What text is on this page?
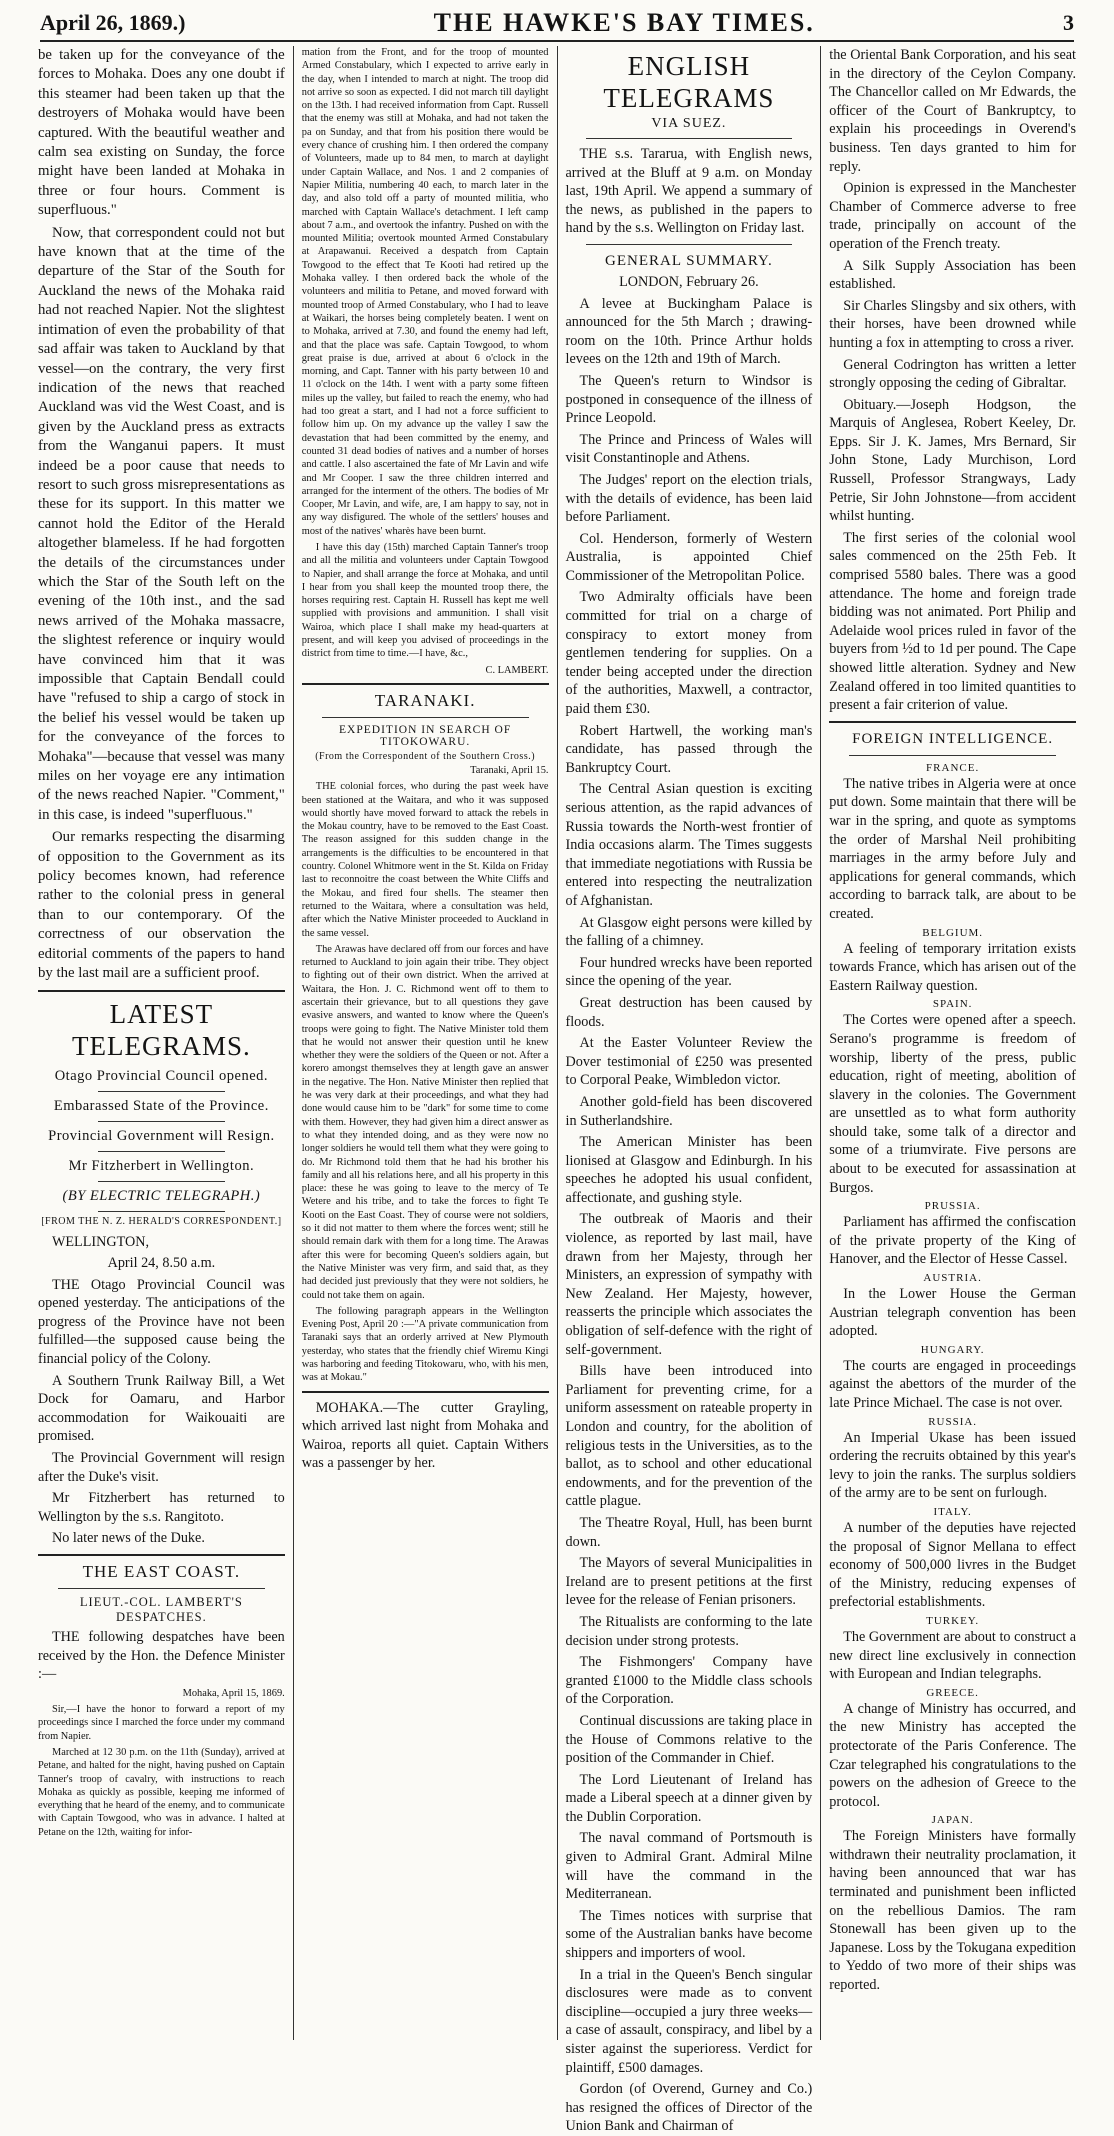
April 26, 1869.)	THE HAWKE'S BAY TIMES.	3

be taken up for the conveyance of the forces to Mohaka. Does any one doubt if this steamer had been taken up that the destroyers of Mohaka would have been captured. With the beautiful weather and calm sea existing on Sunday, the force might have been landed at Mohaka in three or four hours. Comment is superfluous."

Now, that correspondent could not but have known that at the time of the departure of the Star of the South for Auckland the news of the Mohaka raid had not reached Napier. Not the slightest intimation of even the probability of that sad affair was taken to Auckland by that vessel—on the contrary, the very first indication of the news that reached Auckland was vid the West Coast, and is given by the Auckland press as extracts from the Wanganui papers. It must indeed be a poor cause that needs to resort to such gross misrepresentations as these for its support. In this matter we cannot hold the Editor of the Herald altogether blameless. If he had forgotten the details of the circumstances under which the Star of the South left on the evening of the 10th inst., and the sad news arrived of the Mohaka massacre, the slightest reference or inquiry would have convinced him that it was impossible that Captain Bendall could have "refused to ship a cargo of stock in the belief his vessel would be taken up for the conveyance of the forces to Mohaka"—because that vessel was many miles on her voyage ere any intimation of the news reached Napier. "Comment," in this case, is indeed "superfluous."

Our remarks respecting the disarming of opposition to the Government as its policy becomes known, had reference rather to the colonial press in general than to our contemporary. Of the correctness of our observation the editorial comments of the papers to hand by the last mail are a sufficient proof.

LATEST TELEGRAMS.
Otago Provincial Council opened.
Embarassed State of the Province.
Provincial Government will Resign.
Mr Fitzherbert in Wellington.
(BY ELECTRIC TELEGRAPH.)
[FROM THE N. Z. HERALD'S CORRESPONDENT.]

WELLINGTON,

April 24, 8.50 a.m.

THE Otago Provincial Council was opened yesterday. The anticipations of the progress of the Province have not been fulfilled—the supposed cause being the financial policy of the Colony.

A Southern Trunk Railway Bill, a Wet Dock for Oamaru, and Harbor accommodation for Waikouaiti are promised.

The Provincial Government will resign after the Duke's visit.

Mr Fitzherbert has returned to Wellington by the s.s. Rangitoto.

No later news of the Duke.

THE EAST COAST.
LIEUT.-COL. LAMBERT'S DESPATCHES.

THE following despatches have been received by the Hon. the Defence Minister :—

Mohaka, April 15, 1869.

Sir,—I have the honor to forward a report of my proceedings since I marched the force under my command from Napier.

Marched at 12 30 p.m. on the 11th (Sunday), arrived at Petane, and halted for the night, having pushed on Captain Tanner's troop of cavalry, with instructions to reach Mohaka as quickly as possible, keeping me informed of everything that he heard of the enemy, and to communicate with Captain Towgood, who was in advance. I halted at Petane on the 12th, waiting for infor-

mation from the Front, and for the troop of mounted Armed Constabulary, which I expected to arrive early in the day, when I intended to march at night. The troop did not arrive so soon as expected. I did not march till daylight on the 13th. I had received information from Capt. Russell that the enemy was still at Mohaka, and had not taken the pa on Sunday, and that from his position there would be every chance of crushing him. I then ordered the company of Volunteers, made up to 84 men, to march at daylight under Captain Wallace, and Nos. 1 and 2 companies of Napier Militia, numbering 40 each, to march later in the day, and also told off a party of mounted militia, who marched with Captain Wallace's detachment. I left camp about 7 a.m., and overtook the infantry. Pushed on with the mounted Militia; overtook mounted Armed Constabulary at Arapawanui. Received a despatch from Captain Towgood to the effect that Te Kooti had retired up the Mohaka valley. I then ordered back the whole of the volunteers and militia to Petane, and moved forward with mounted troop of Armed Constabulary, who I had to leave at Waikari, the horses being completely beaten. I went on to Mohaka, arrived at 7.30, and found the enemy had left, and that the place was safe. Captain Towgood, to whom great praise is due, arrived at about 6 o'clock in the morning, and Capt. Tanner with his party between 10 and 11 o'clock on the 14th. I went with a party some fifteen miles up the valley, but failed to reach the enemy, who had had too great a start, and I had not a force sufficient to follow him up. On my advance up the valley I saw the devastation that had been committed by the enemy, and counted 31 dead bodies of natives and a number of horses and cattle. I also ascertained the fate of Mr Lavin and wife and Mr Cooper. I saw the three children interred and arranged for the interment of the others. The bodies of Mr Cooper, Mr Lavin, and wife, are, I am happy to say, not in any way disfigured. The whole of the settlers' houses and most of the natives' wharès have been burnt.

I have this day (15th) marched Captain Tanner's troop and all the militia and volunteers under Captain Towgood to Napier, and shall arrange the force at Mohaka, and until I hear from you shall keep the mounted troop there, the horses requiring rest. Captain H. Russell has kept me well supplied with provisions and ammunition. I shall visit Wairoa, which place I shall make my head-quarters at present, and will keep you advised of proceedings in the district from time to time.—I have, &c.,

C. LAMBERT.

TARANAKI.
EXPEDITION IN SEARCH OF TITOKOWARU.
(From the Correspondent of the Southern Cross.)

Taranaki, April 15.

THE colonial forces, who during the past week have been stationed at the Waitara, and who it was supposed would shortly have moved forward to attack the rebels in the Mokau country, have to be removed to the East Coast. The reason assigned for this sudden change in the arrangements is the difficulties to be encountered in that country. Colonel Whitmore went in the St. Kilda on Friday last to reconnoitre the coast between the White Cliffs and the Mokau, and fired four shells. The steamer then returned to the Waitara, where a consultation was held, after which the Native Minister proceeded to Auckland in the same vessel.

The Arawas have declared off from our forces and have returned to Auckland to join again their tribe. They object to fighting out of their own district. When the arrived at Waitara, the Hon. J. C. Richmond went off to them to ascertain their grievance, but to all questions they gave evasive answers, and wanted to know where the Queen's troops were going to fight. The Native Minister told them that he would not answer their question until he knew whether they were the soldiers of the Queen or not. After a korero amongst themselves they at length gave an answer in the negative. The Hon. Native Minister then replied that he was very dark at their proceedings, and what they had done would cause him to be "dark" for some time to come with them. However, they had given him a direct answer as to what they intended doing, and as they were now no longer soldiers he would tell them what they were going to do. Mr Richmond told them that he had his brother his family and all his relations here, and all his property in this place: these he was going to leave to the mercy of Te Wetere and his tribe, and to take the forces to fight Te Kooti on the East Coast. They of course were not soldiers, so it did not matter to them where the forces went; still he should remain dark with them for a long time. The Arawas after this were for becoming Queen's soldiers again, but the Native Minister was very firm, and said that, as they had decided just previously that they were not soldiers, he could not take them on again.

The following paragraph appears in the Wellington Evening Post, April 20 :—"A private communication from Taranaki says that an orderly arrived at New Plymouth yesterday, who states that the friendly chief Wiremu Kingi was harboring and feeding Titokowaru, who, with his men, was at Mokau."

MOHAKA.—The cutter Grayling, which arrived last night from Mohaka and Wairoa, reports all quiet. Captain Withers was a passenger by her.

ENGLISH TELEGRAMS
VIA SUEZ.

THE s.s. Tararua, with English news, arrived at the Bluff at 9 a.m. on Monday last, 19th April. We append a summary of the news, as published in the papers to hand by the s.s. Wellington on Friday last.

GENERAL SUMMARY.

LONDON, February 26.

A levee at Buckingham Palace is announced for the 5th March ; drawing-room on the 10th. Prince Arthur holds levees on the 12th and 19th of March.

The Queen's return to Windsor is postponed in consequence of the illness of Prince Leopold.

The Prince and Princess of Wales will visit Constantinople and Athens.

The Judges' report on the election trials, with the details of evidence, has been laid before Parliament.

Col. Henderson, formerly of Western Australia, is appointed Chief Commissioner of the Metropolitan Police.

Two Admiralty officials have been committed for trial on a charge of conspiracy to extort money from gentlemen tendering for supplies. On a tender being accepted under the direction of the authorities, Maxwell, a contractor, paid them £30.

Robert Hartwell, the working man's candidate, has passed through the Bankruptcy Court.

The Central Asian question is exciting serious attention, as the rapid advances of Russia towards the North-west frontier of India occasions alarm. The Times suggests that immediate negotiations with Russia be entered into respecting the neutralization of Afghanistan.

At Glasgow eight persons were killed by the falling of a chimney.

Four hundred wrecks have been reported since the opening of the year.

Great destruction has been caused by floods.

At the Easter Volunteer Review the Dover testimonial of £250 was presented to Corporal Peake, Wimbledon victor.

Another gold-field has been discovered in Sutherlandshire.

The American Minister has been lionised at Glasgow and Edinburgh. In his speeches he adopted his usual confident, affectionate, and gushing style.

The outbreak of Maoris and their violence, as reported by last mail, have drawn from her Majesty, through her Ministers, an expression of sympathy with New Zealand. Her Majesty, however, reasserts the principle which associates the obligation of self-defence with the right of self-government.

Bills have been introduced into Parliament for preventing crime, for a uniform assessment on rateable property in London and country, for the abolition of religious tests in the Universities, as to the ballot, as to school and other educational endowments, and for the prevention of the cattle plague.

The Theatre Royal, Hull, has been burnt down.

The Mayors of several Municipalities in Ireland are to present petitions at the first levee for the release of Fenian prisoners.

The Ritualists are conforming to the late decision under strong protests.

The Fishmongers' Company have granted £1000 to the Middle class schools of the Corporation.

Continual discussions are taking place in the House of Commons relative to the position of the Commander in Chief.

The Lord Lieutenant of Ireland has made a Liberal speech at a dinner given by the Dublin Corporation.

The naval command of Portsmouth is given to Admiral Grant. Admiral Milne will have the command in the Mediterranean.

The Times notices with surprise that some of the Australian banks have become shippers and importers of wool.

In a trial in the Queen's Bench singular disclosures were made as to convent discipline—occupied a jury three weeks—a case of assault, conspiracy, and libel by a sister against the superioress. Verdict for plaintiff, £500 damages.

Gordon (of Overend, Gurney and Co.) has resigned the offices of Director of the Union Bank and Chairman of

the Oriental Bank Corporation, and his seat in the directory of the Ceylon Company. The Chancellor called on Mr Edwards, the officer of the Court of Bankruptcy, to explain his proceedings in Overend's business. Ten days granted to him for reply.

Opinion is expressed in the Manchester Chamber of Commerce adverse to free trade, principally on account of the operation of the French treaty.

A Silk Supply Association has been established.

Sir Charles Slingsby and six others, with their horses, have been drowned while hunting a fox in attempting to cross a river.

General Codrington has written a letter strongly opposing the ceding of Gibraltar.

Obituary.—Joseph Hodgson, the Marquis of Anglesea, Robert Keeley, Dr. Epps. Sir J. K. James, Mrs Bernard, Sir John Stone, Lady Murchison, Lord Russell, Professor Strangways, Lady Petrie, Sir John Johnstone—from accident whilst hunting.

The first series of the colonial wool sales commenced on the 25th Feb. It comprised 5580 bales. There was a good attendance. The home and foreign trade bidding was not animated. Port Philip and Adelaide wool prices ruled in favor of the buyers from ½d to 1d per pound. The Cape showed little alteration. Sydney and New Zealand offered in too limited quantities to present a fair criterion of value.

FOREIGN INTELLIGENCE.
FRANCE.

The native tribes in Algeria were at once put down. Some maintain that there will be war in the spring, and quote as symptoms the order of Marshal Neil prohibiting marriages in the army before July and applications for general commands, which according to barrack talk, are about to be created.

BELGIUM.

A feeling of temporary irritation exists towards France, which has arisen out of the Eastern Railway question.

SPAIN.

The Cortes were opened after a speech. Serano's programme is freedom of worship, liberty of the press, public education, right of meeting, abolition of slavery in the colonies. The Government are unsettled as to what form authority should take, some talk of a director and some of a triumvirate. Five persons are about to be executed for assassination at Burgos.

PRUSSIA.

Parliament has affirmed the confiscation of the private property of the King of Hanover, and the Elector of Hesse Cassel.

AUSTRIA.

In the Lower House the German Austrian telegraph convention has been adopted.

HUNGARY.

The courts are engaged in proceedings against the abettors of the murder of the late Prince Michael. The case is not over.

RUSSIA.

An Imperial Ukase has been issued ordering the recruits obtained by this year's levy to join the ranks. The surplus soldiers of the army are to be sent on furlough.

ITALY.

A number of the deputies have rejected the proposal of Signor Mellana to effect economy of 500,000 livres in the Budget of the Ministry, reducing expenses of prefectorial establishments.

TURKEY.

The Government are about to construct a new direct line exclusively in connection with European and Indian telegraphs.

GREECE.

A change of Ministry has occurred, and the new Ministry has accepted the protectorate of the Paris Conference. The Czar telegraphed his congratulations to the powers on the adhesion of Greece to the protocol.

JAPAN.

The Foreign Ministers have formally withdrawn their neutrality proclamation, it having been announced that war has terminated and punishment been inflicted on the rebellious Damios. The ram Stonewall has been given up to the Japanese. Loss by the Tokugana expedition to Yeddo of two more of their ships was reported.
